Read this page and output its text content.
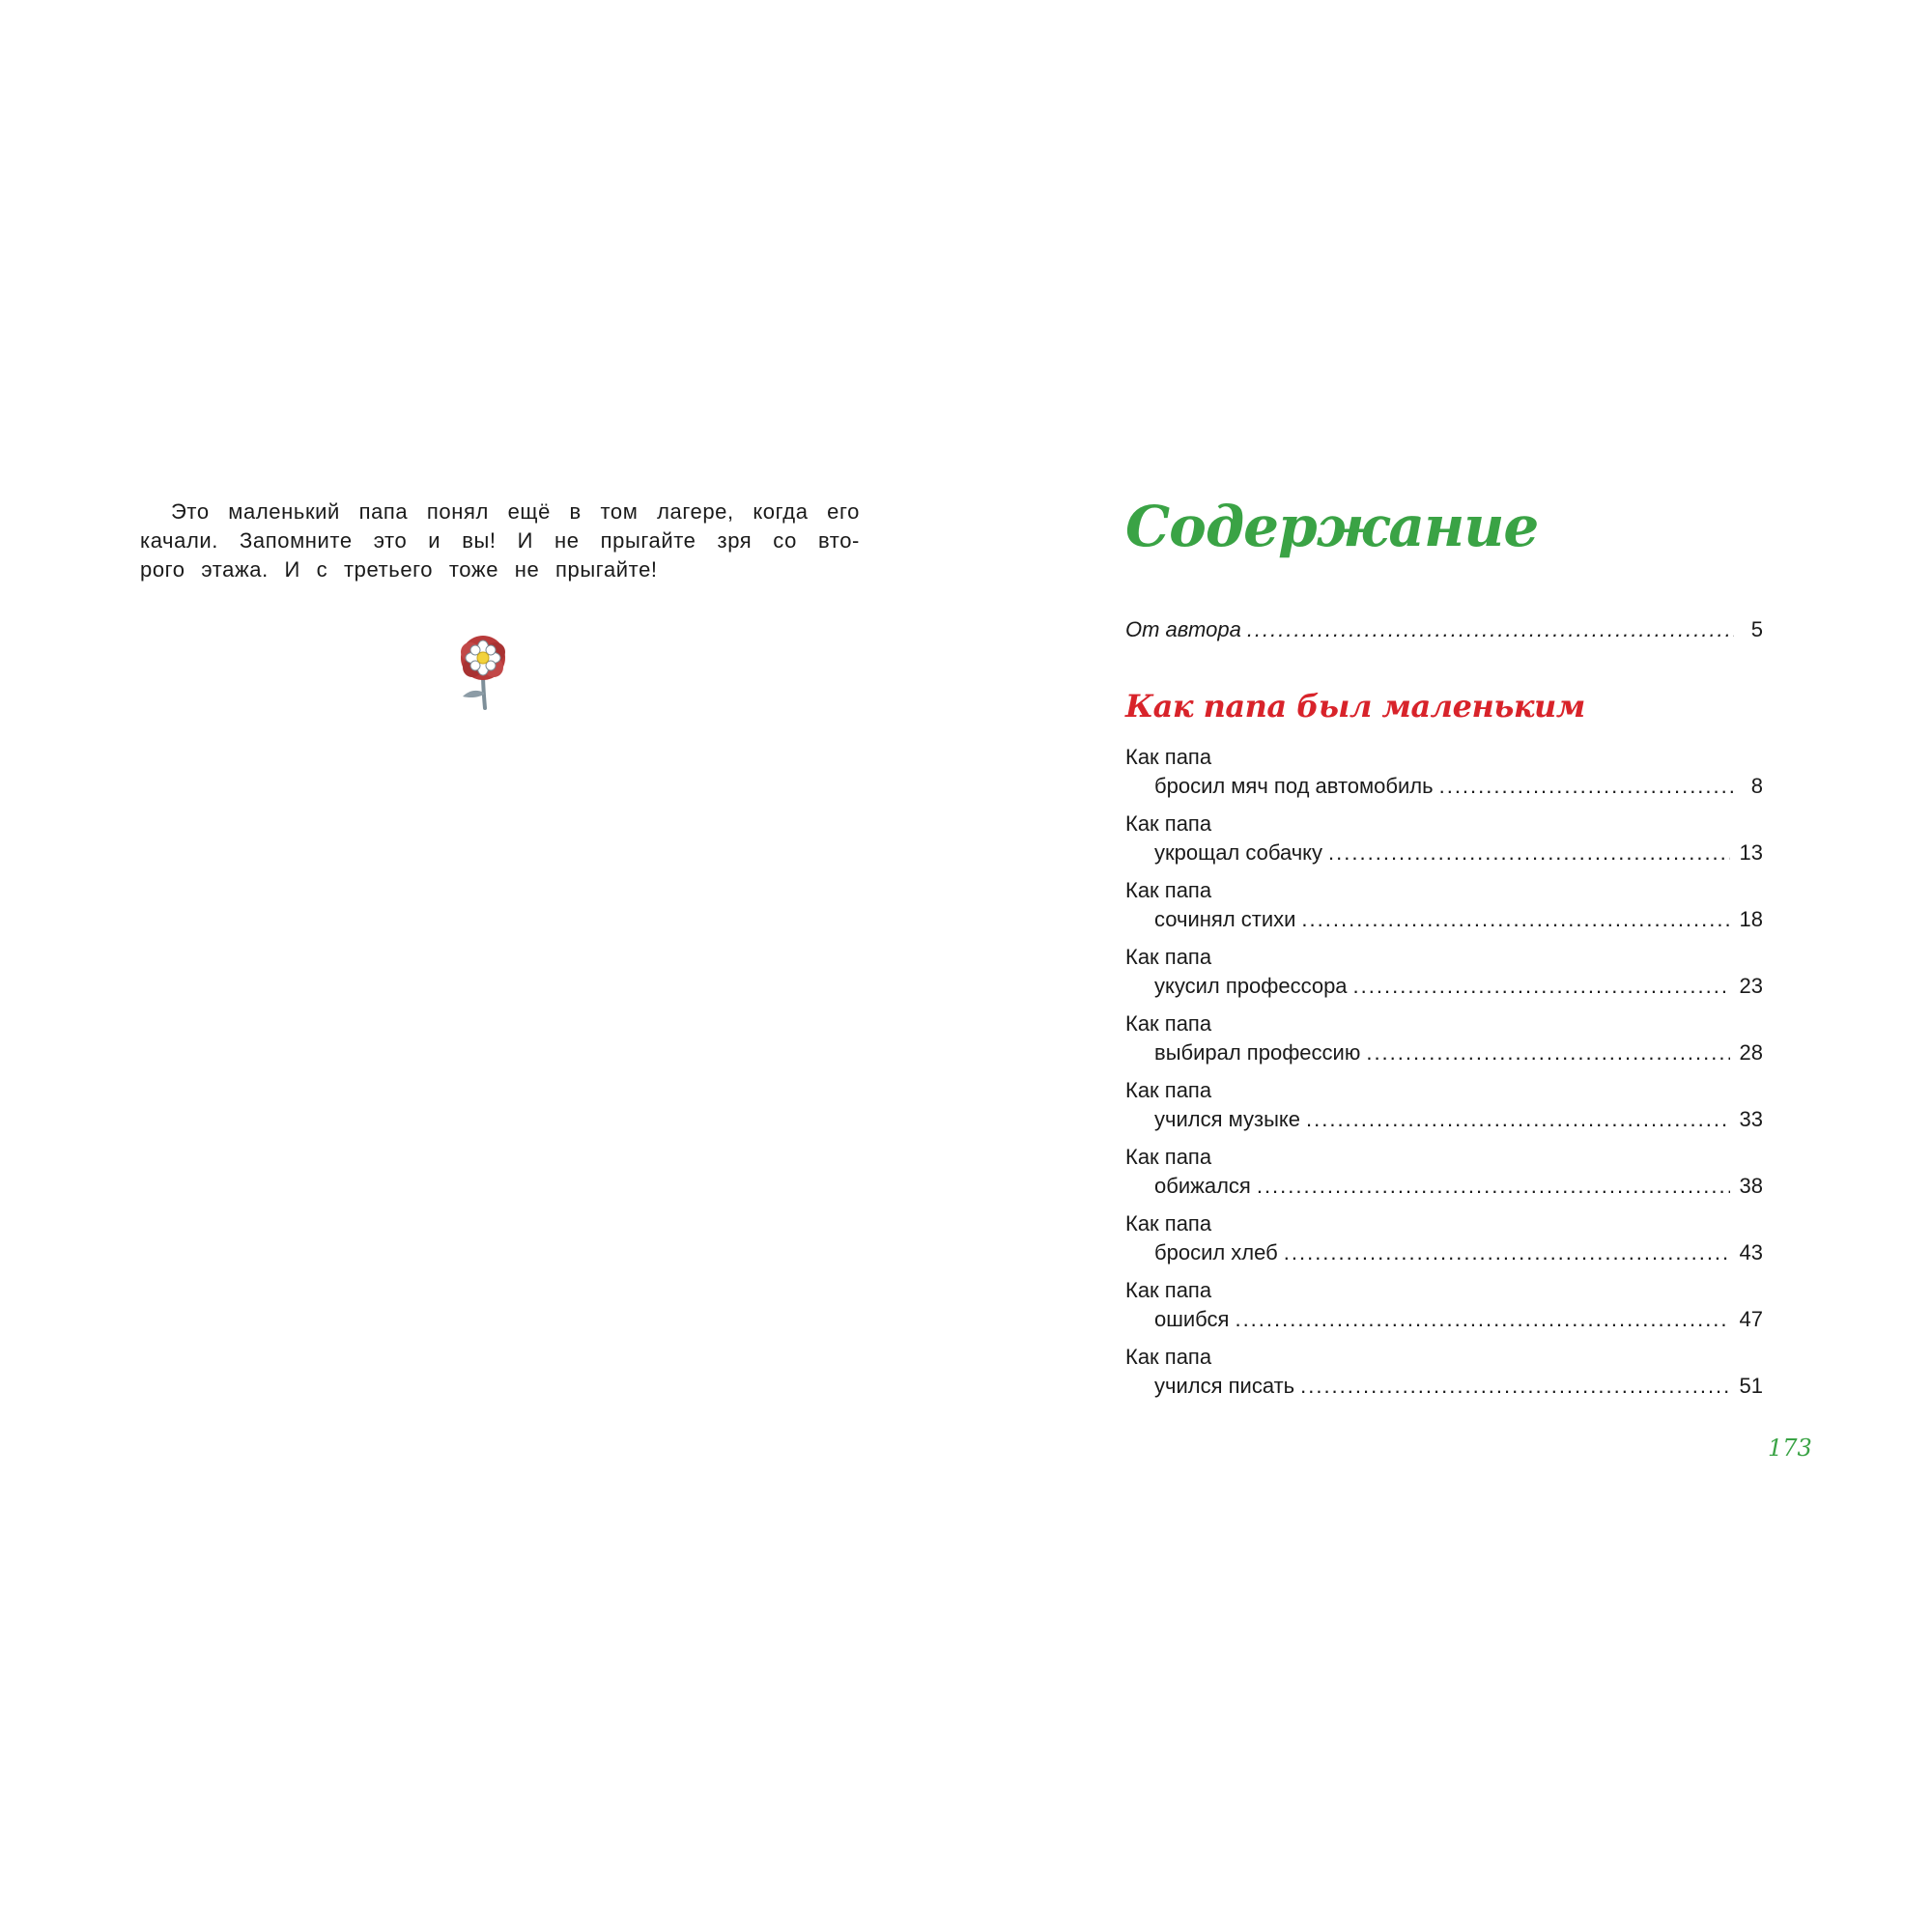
Это маленький папа понял ещё в том лагере, когда его
качали. Запомните это и вы! И не прыгайте зря со вто-
рого этажа. И с третьего тоже не прыгайте!
Содержание
От автора .....	5
Как папа был маленьким
Как папа
бросил мяч под автомобиль .....	8
Как папа
укрощал собачку .....	13
Как папа
сочинял стихи .....	18
Как папа
укусил профессора .....	23
Как папа
выбирал профессию .....	28
Как папа
учился музыке .....	33
Как папа
обижался .....	38
Как папа
бросил хлеб .....	43
Как папа
ошибся .....	47
Как папа
учился писать .....	51
173
